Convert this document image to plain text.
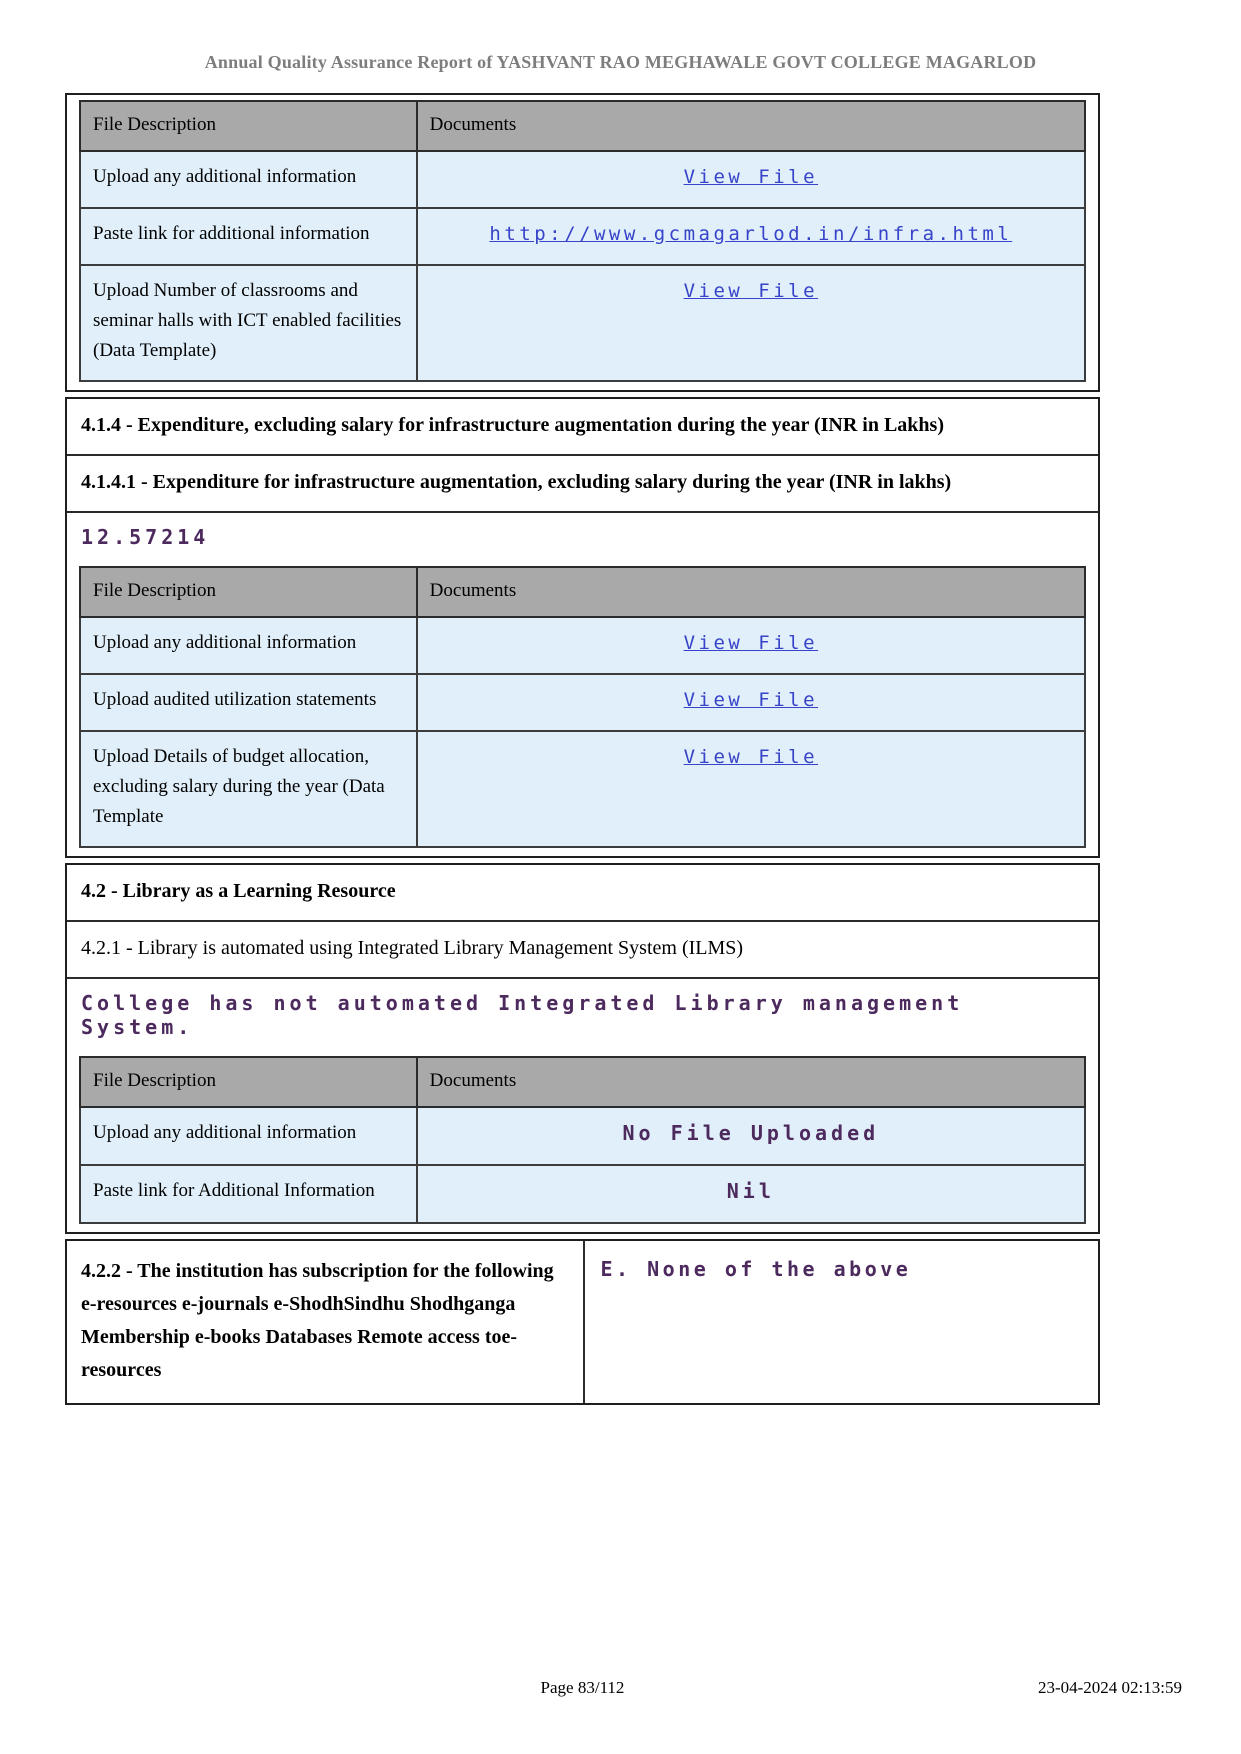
Annual Quality Assurance Report of YASHVANT RAO MEGHAWALE GOVT COLLEGE MAGARLOD
File Description	Documents
Upload any additional information	View File
Paste link for additional information	http://www.gcmagarlod.in/infra.html
Upload Number of classrooms and seminar halls with ICT enabled facilities (Data Template)	View File
4.1.4 - Expenditure, excluding salary for infrastructure augmentation during the year (INR in Lakhs)
4.1.4.1 - Expenditure for infrastructure augmentation, excluding salary during the year (INR in lakhs)
12.57214
File Description	Documents
Upload any additional information	View File
Upload audited utilization statements	View File
Upload Details of budget allocation, excluding salary during the year (Data Template	View File
4.2 - Library as a Learning Resource
4.2.1 - Library is automated using Integrated Library Management System (ILMS)
College has not automated Integrated Library management System.
File Description	Documents
Upload any additional information	No File Uploaded
Paste link for Additional Information	Nil
4.2.2 - The institution has subscription for the following e-resources e-journals e-ShodhSindhu Shodhganga Membership e-books Databases Remote access toe-resources
E. None of the above
Page 83/112	23-04-2024 02:13:59
